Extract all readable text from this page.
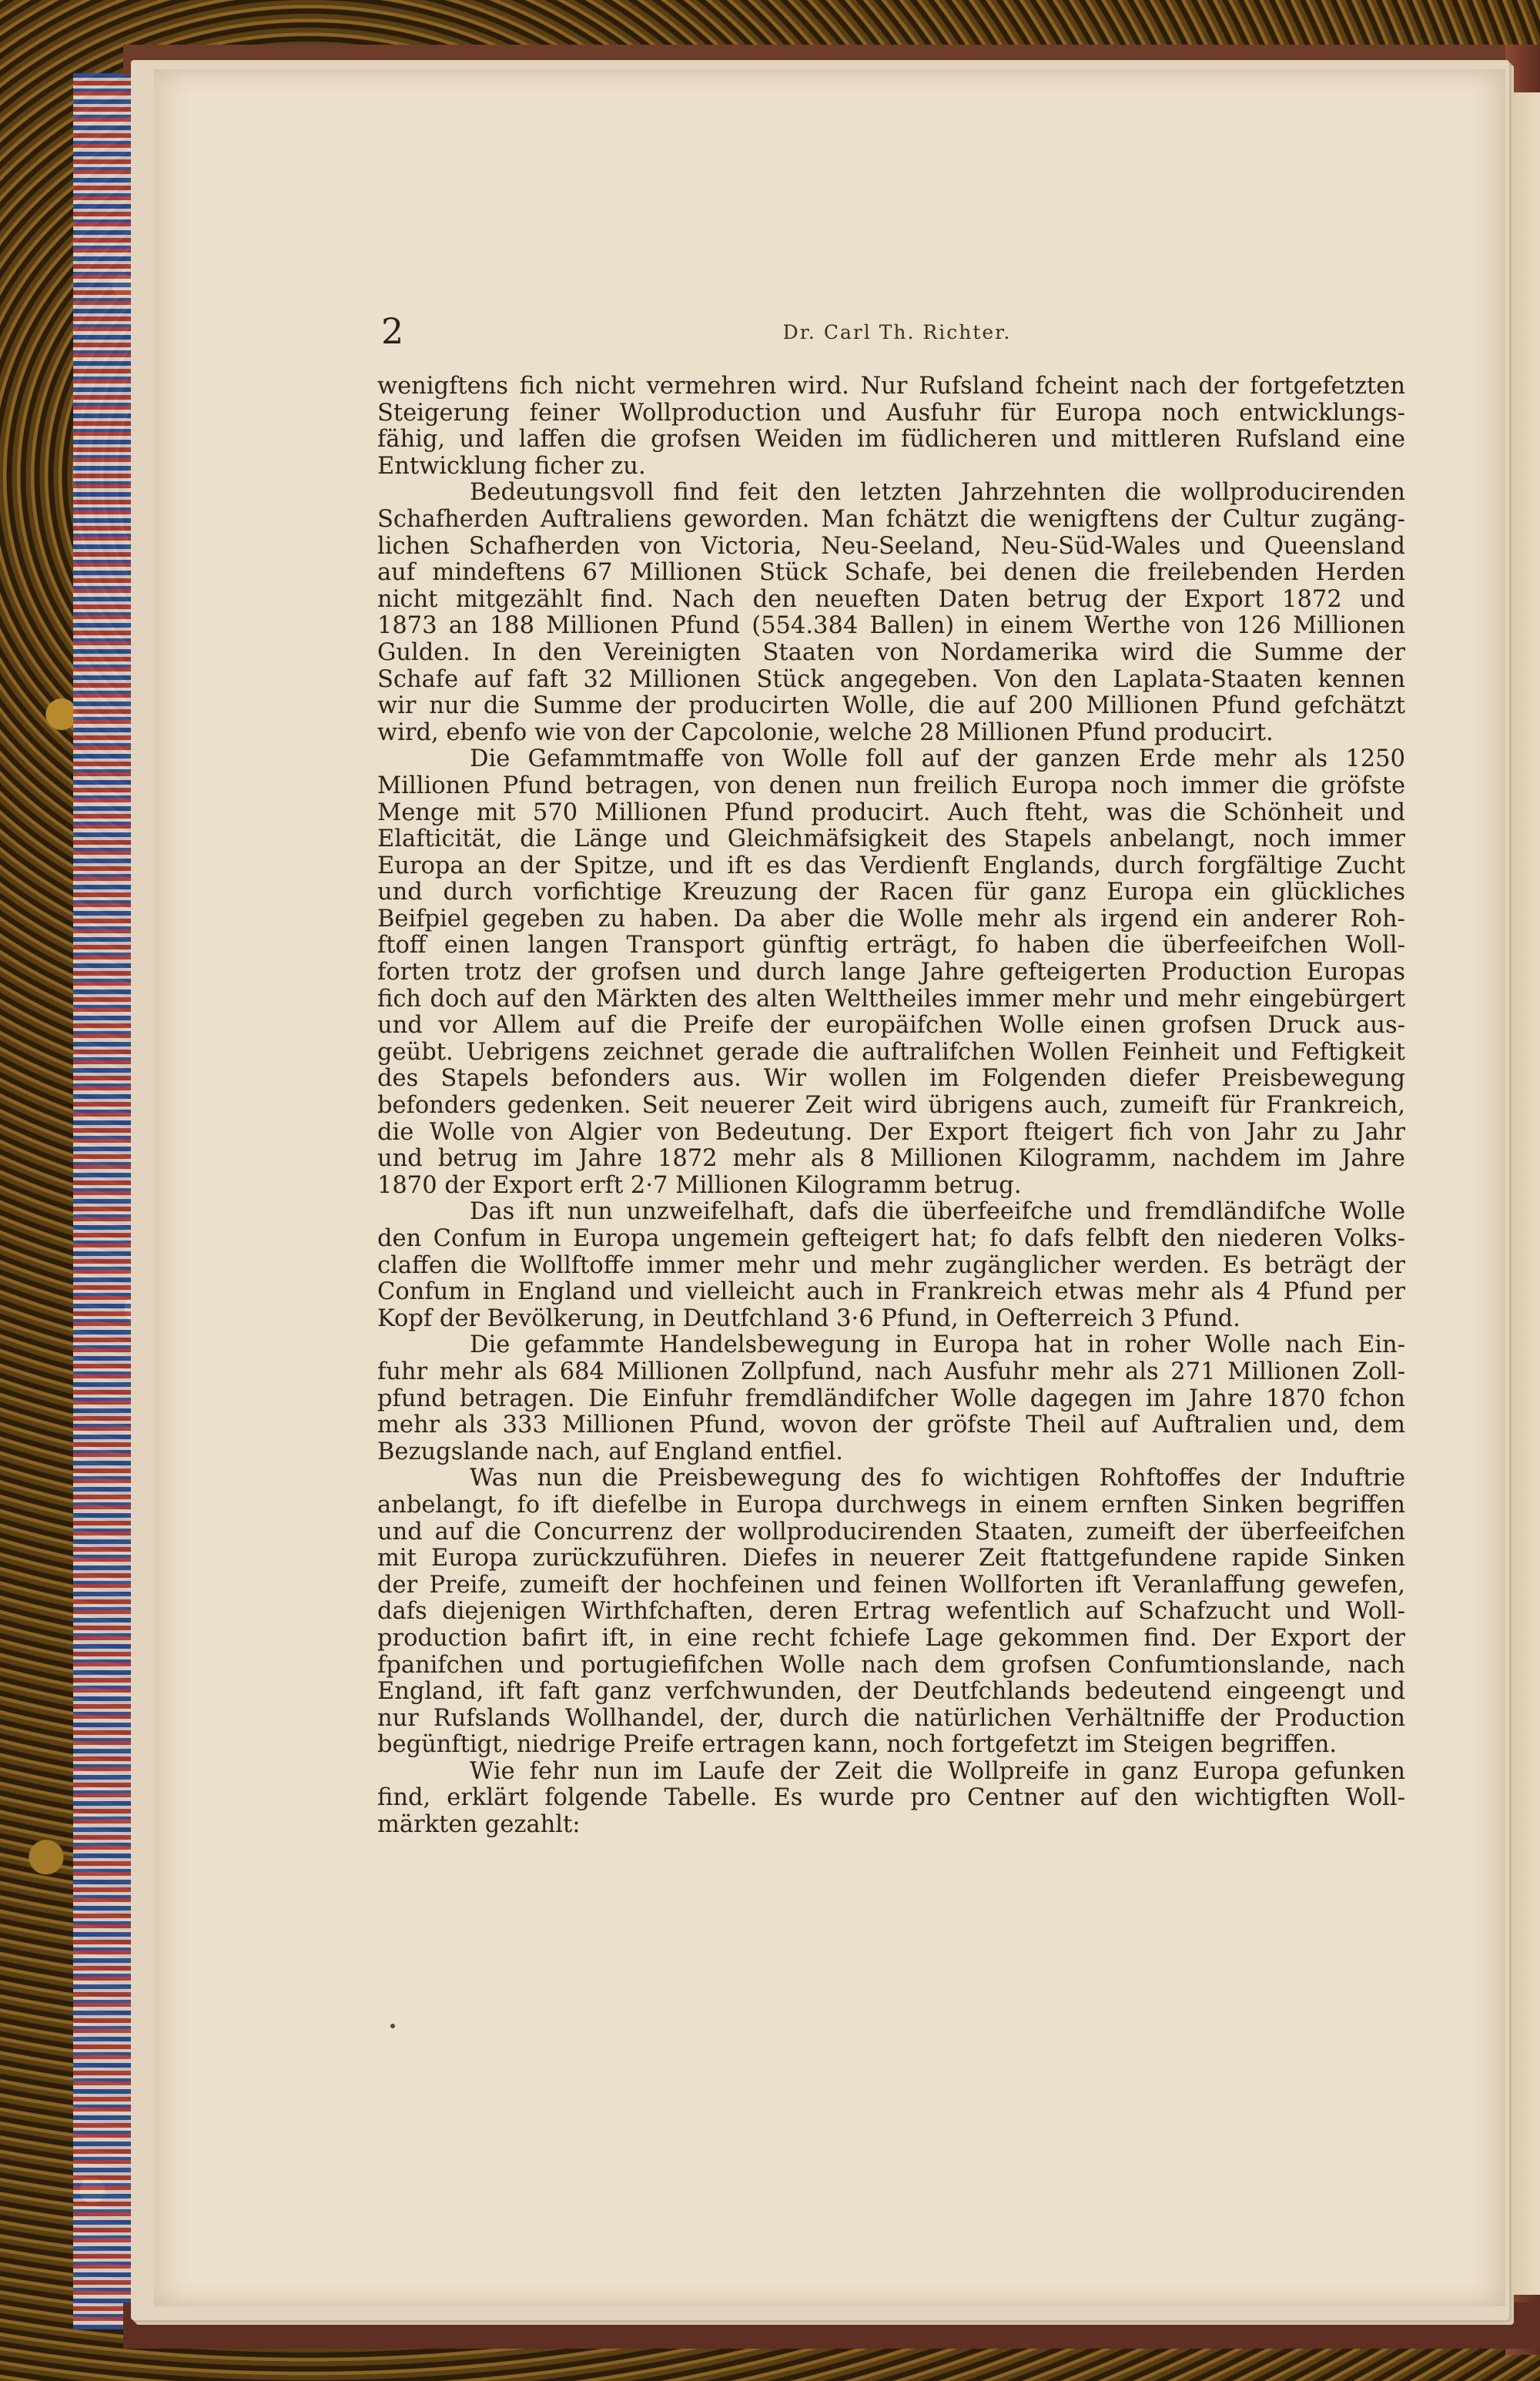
2	Dr. Carl Th. Richter.
wenigftens fich nicht vermehren wird. Nur Rufsland fcheint nach der fortgefetzten
Steigerung feiner Wollproduction und Ausfuhr für Europa noch entwicklungs-
fähig, und laffen die grofsen Weiden im füdlicheren und mittleren Rufsland eine
Entwicklung ficher zu.
Bedeutungsvoll find feit den letzten Jahrzehnten die wollproducirenden
Schafherden Auftraliens geworden. Man fchätzt die wenigftens der Cultur zugäng-
lichen Schafherden von Victoria, Neu-Seeland, Neu-Süd-Wales und Queensland
auf mindeftens 67 Millionen Stück Schafe, bei denen die freilebenden Herden
nicht mitgezählt find. Nach den neueften Daten betrug der Export 1872 und
1873 an 188 Millionen Pfund (554.384 Ballen) in einem Werthe von 126 Millionen
Gulden. In den Vereinigten Staaten von Nordamerika wird die Summe der
Schafe auf faft 32 Millionen Stück angegeben. Von den Laplata-Staaten kennen
wir nur die Summe der producirten Wolle, die auf 200 Millionen Pfund gefchätzt
wird, ebenfo wie von der Capcolonie, welche 28 Millionen Pfund producirt.
Die Gefammtmaffe von Wolle foll auf der ganzen Erde mehr als 1250
Millionen Pfund betragen, von denen nun freilich Europa noch immer die gröfste
Menge mit 570 Millionen Pfund producirt. Auch fteht, was die Schönheit und
Elafticität, die Länge und Gleichmäfsigkeit des Stapels anbelangt, noch immer
Europa an der Spitze, und ift es das Verdienft Englands, durch forgfältige Zucht
und durch vorfichtige Kreuzung der Racen für ganz Europa ein glückliches
Beifpiel gegeben zu haben. Da aber die Wolle mehr als irgend ein anderer Roh-
ftoff einen langen Transport günftig erträgt, fo haben die überfeeifchen Woll-
forten trotz der grofsen und durch lange Jahre gefteigerten Production Europas
fich doch auf den Märkten des alten Welttheiles immer mehr und mehr eingebürgert
und vor Allem auf die Preife der europäifchen Wolle einen grofsen Druck aus-
geübt. Uebrigens zeichnet gerade die auftralifchen Wollen Feinheit und Feftigkeit
des Stapels befonders aus. Wir wollen im Folgenden diefer Preisbewegung
befonders gedenken. Seit neuerer Zeit wird übrigens auch, zumeift für Frankreich,
die Wolle von Algier von Bedeutung. Der Export fteigert fich von Jahr zu Jahr
und betrug im Jahre 1872 mehr als 8 Millionen Kilogramm, nachdem im Jahre
1870 der Export erft 2·7 Millionen Kilogramm betrug.
Das ift nun unzweifelhaft, dafs die überfeeifche und fremdländifche Wolle
den Confum in Europa ungemein gefteigert hat; fo dafs felbft den niederen Volks-
claffen die Wollftoffe immer mehr und mehr zugänglicher werden. Es beträgt der
Confum in England und vielleicht auch in Frankreich etwas mehr als 4 Pfund per
Kopf der Bevölkerung, in Deutfchland 3·6 Pfund, in Oefterreich 3 Pfund.
Die gefammte Handelsbewegung in Europa hat in roher Wolle nach Ein-
fuhr mehr als 684 Millionen Zollpfund, nach Ausfuhr mehr als 271 Millionen Zoll-
pfund betragen. Die Einfuhr fremdländifcher Wolle dagegen im Jahre 1870 fchon
mehr als 333 Millionen Pfund, wovon der gröfste Theil auf Auftralien und, dem
Bezugslande nach, auf England entfiel.
Was nun die Preisbewegung des fo wichtigen Rohftoffes der Induftrie
anbelangt, fo ift diefelbe in Europa durchwegs in einem ernften Sinken begriffen
und auf die Concurrenz der wollproducirenden Staaten, zumeift der überfeeifchen
mit Europa zurückzuführen. Diefes in neuerer Zeit ftattgefundene rapide Sinken
der Preife, zumeift der hochfeinen und feinen Wollforten ift Veranlaffung gewefen,
dafs diejenigen Wirthfchaften, deren Ertrag wefentlich auf Schafzucht und Woll-
production bafirt ift, in eine recht fchiefe Lage gekommen find. Der Export der
fpanifchen und portugiefifchen Wolle nach dem grofsen Confumtionslande, nach
England, ift faft ganz verfchwunden, der Deutfchlands bedeutend eingeengt und
nur Rufslands Wollhandel, der, durch die natürlichen Verhältniffe der Production
begünftigt, niedrige Preife ertragen kann, noch fortgefetzt im Steigen begriffen.
Wie fehr nun im Laufe der Zeit die Wollpreife in ganz Europa gefunken
find, erklärt folgende Tabelle. Es wurde pro Centner auf den wichtigften Woll-
märkten gezahlt:
